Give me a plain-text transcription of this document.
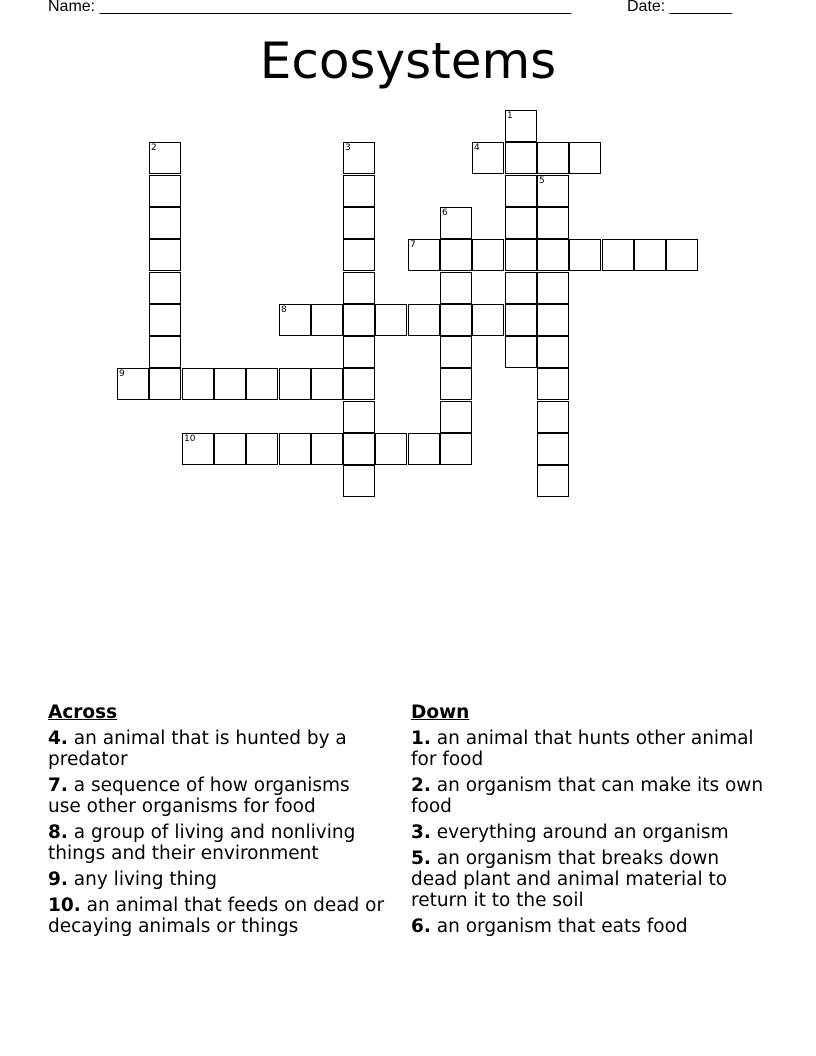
Name: _____________________________________________________	Date: _______
Ecosystems
1
2	3	4
5
6
7
8
9
10
Across
4. an animal that is hunted by a predator
7. a sequence of how organisms use other organisms for food
8. a group of living and nonliving things and their environment
9. any living thing
10. an animal that feeds on dead or decaying animals or things
Down
1. an animal that hunts other animal for food
2. an organism that can make its own food
3. everything around an organism
5. an organism that breaks down dead plant and animal material to return it to the soil
6. an organism that eats food
